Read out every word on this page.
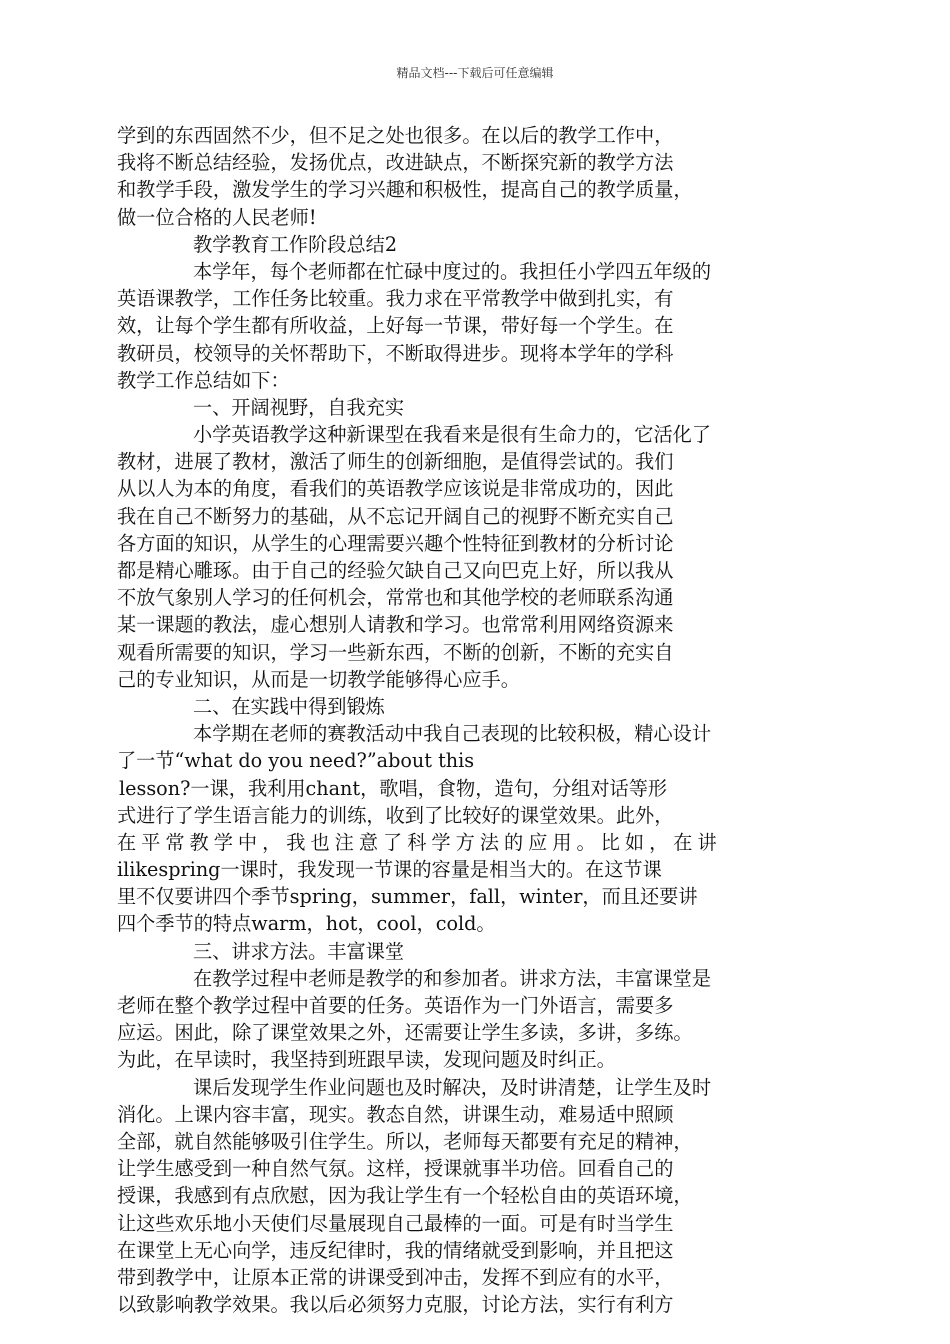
精品文档---下载后可任意编辑
学到的东西固然不少，但不足之处也很多。在以后的教学工作中，
我将不断总结经验，发扬优点，改进缺点，不断探究新的教学方法
和教学手段，激发学生的学习兴趣和积极性，提高自己的教学质量，
做一位合格的人民老师!
教学教育工作阶段总结2
本学年，每个老师都在忙碌中度过的。我担任小学四五年级的
英语课教学，工作任务比较重。我力求在平常教学中做到扎实，有
效，让每个学生都有所收益，上好每一节课，带好每一个学生。在
教研员，校领导的关怀帮助下，不断取得进步。现将本学年的学科
教学工作总结如下：
一、开阔视野，自我充实
小学英语教学这种新课型在我看来是很有生命力的，它活化了
教材，进展了教材，激活了师生的创新细胞，是值得尝试的。我们
从以人为本的角度，看我们的英语教学应该说是非常成功的，因此
我在自己不断努力的基础，从不忘记开阔自己的视野不断充实自己
各方面的知识，从学生的心理需要兴趣个性特征到教材的分析讨论
都是精心雕琢。由于自己的经验欠缺自己又向巴克上好，所以我从
不放气象别人学习的任何机会，常常也和其他学校的老师联系沟通
某一课题的教法，虚心想别人请教和学习。也常常利用网络资源来
观看所需要的知识，学习一些新东西，不断的创新，不断的充实自
己的专业知识，从而是一切教学能够得心应手。
二、在实践中得到锻炼
本学期在老师的赛教活动中我自己表现的比较积极，精心设计
了一节“what do you need?”about this
lesson?一课，我利用chant，歌唱，食物，造句，分组对话等形
式进行了学生语言能力的训练，收到了比较好的课堂效果。此外，
在平常教学中，我也注意了科学方法的应用。比如，在讲
ilikespring一课时，我发现一节课的容量是相当大的。在这节课
里不仅要讲四个季节spring，summer，fall，winter，而且还要讲
四个季节的特点warm，hot，cool，cold。
三、讲求方法。丰富课堂
在教学过程中老师是教学的和参加者。讲求方法，丰富课堂是
老师在整个教学过程中首要的任务。英语作为一门外语言，需要多
应运。困此，除了课堂效果之外，还需要让学生多读，多讲，多练。
为此，在早读时，我坚持到班跟早读，发现问题及时纠正。
课后发现学生作业问题也及时解决，及时讲清楚，让学生及时
消化。上课内容丰富，现实。教态自然，讲课生动，难易适中照顾
全部，就自然能够吸引住学生。所以，老师每天都要有充足的精神，
让学生感受到一种自然气氛。这样，授课就事半功倍。回看自己的
授课，我感到有点欣慰，因为我让学生有一个轻松自由的英语环境，
让这些欢乐地小天使们尽量展现自己最棒的一面。可是有时当学生
在课堂上无心向学，违反纪律时，我的情绪就受到影响，并且把这
带到教学中，让原本正常的讲课受到冲击，发挥不到应有的水平，
以致影响教学效果。我以后必须努力克服，讨论方法，实行有利方
